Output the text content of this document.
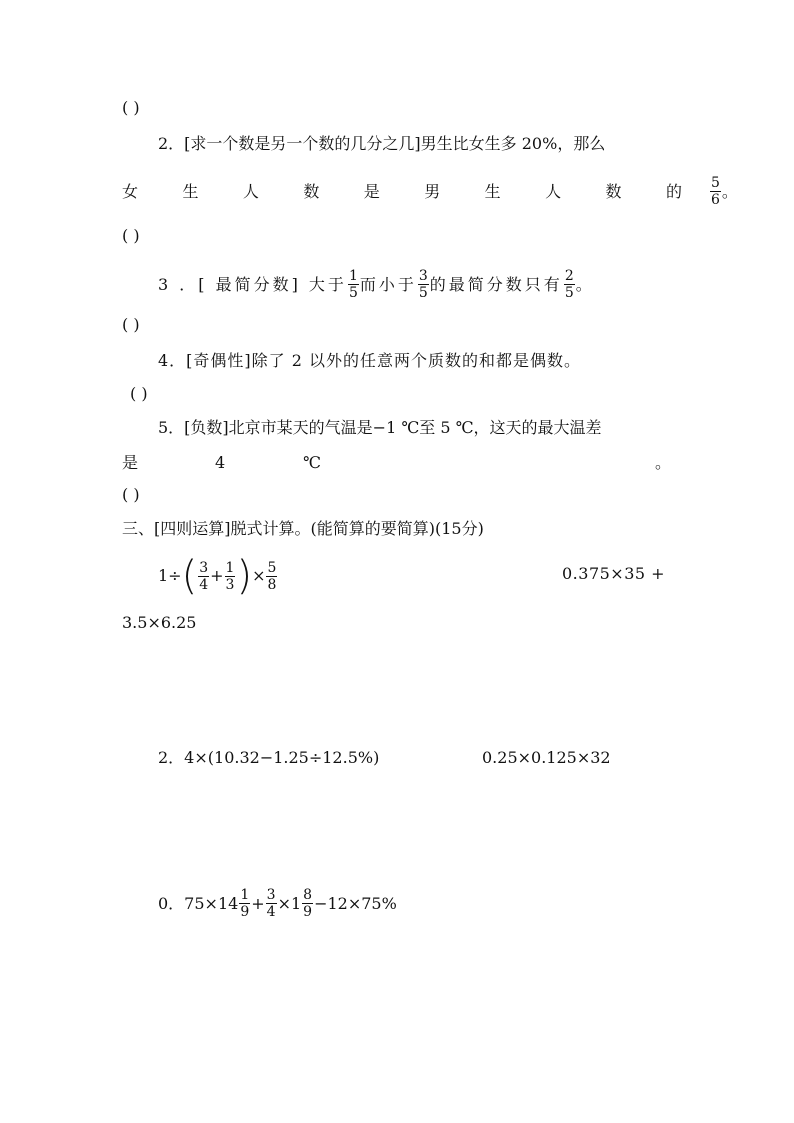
( )
2．[求一个数是另一个数的几分之几]男生比女生多 20%，那么
女	生	人	数	是	男	生	人	数	的 $\frac{5}{6}$ 。
( )
3 ．[ 最简分数] 大于 $\frac{1}{5}$ 而小于 $\frac{3}{5}$ 的最简分数只有 $\frac{2}{5}$ 。
( )
4．[奇偶性]除了 2 以外的任意两个质数的和都是偶数。
( )
5．[负数]北京市某天的气温是−1 ℃至 5 ℃，这天的最大温差
是	4	℃	。
( )
三、[四则运算]脱式计算。(能简算的要简算)(15分)
1÷ ( $\frac{3}{4} + \frac{1}{3}$ ) × $\frac{5}{8}$	0.375×35 +
3.5×6.25
2．4×(10.32−1.25÷12.5%)	0.25×0.125×32
0．$75\times 14 \frac{1}{9} + \frac{3}{4} \times 1 \frac{8}{9} -12\times 75\%$
